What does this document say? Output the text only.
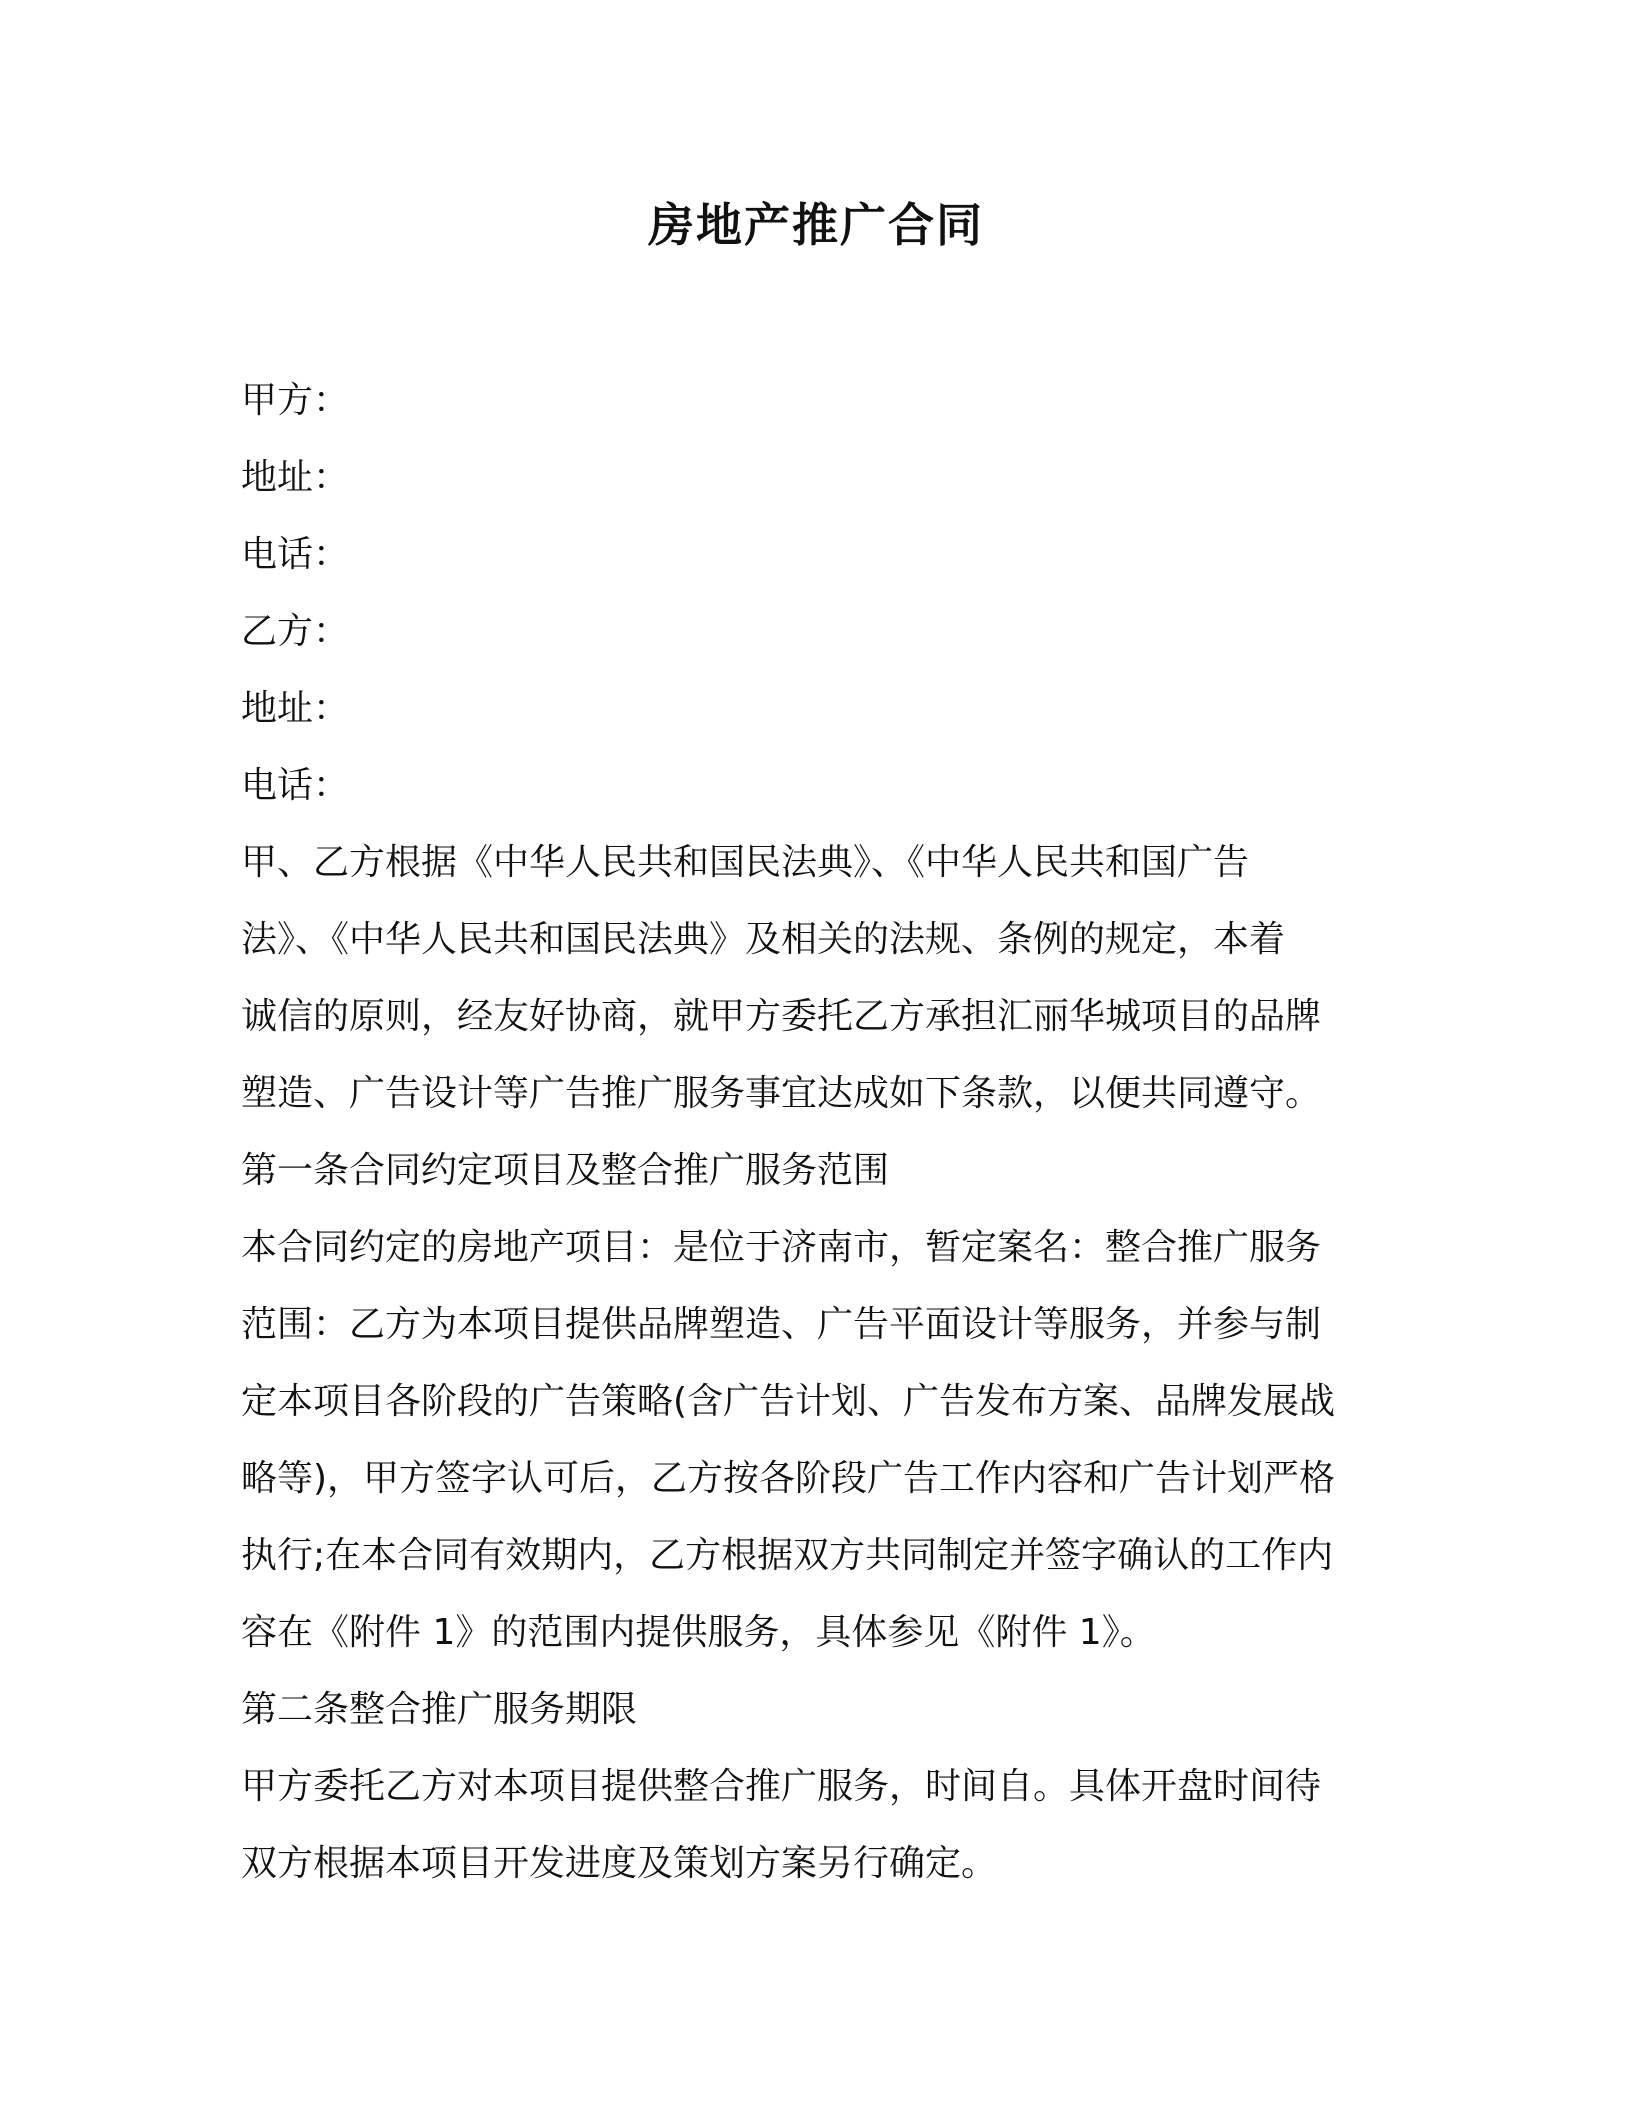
房地产推广合同
甲方：
地址：
电话：
乙方：
地址：
电话：
甲、乙方根据《中华人民共和国民法典》、《中华人民共和国广告
法》、《中华人民共和国民法典》及相关的法规、条例的规定，本着
诚信的原则，经友好协商，就甲方委托乙方承担汇丽华城项目的品牌
塑造、广告设计等广告推广服务事宜达成如下条款，以便共同遵守。
第一条合同约定项目及整合推广服务范围
本合同约定的房地产项目：是位于济南市，暂定案名：整合推广服务
范围：乙方为本项目提供品牌塑造、广告平面设计等服务，并参与制
定本项目各阶段的广告策略(含广告计划、广告发布方案、品牌发展战
略等)，甲方签字认可后，乙方按各阶段广告工作内容和广告计划严格
执行;在本合同有效期内，乙方根据双方共同制定并签字确认的工作内
容在《附件 1》的范围内提供服务，具体参见《附件 1》。
第二条整合推广服务期限
甲方委托乙方对本项目提供整合推广服务，时间自。具体开盘时间待
双方根据本项目开发进度及策划方案另行确定。
